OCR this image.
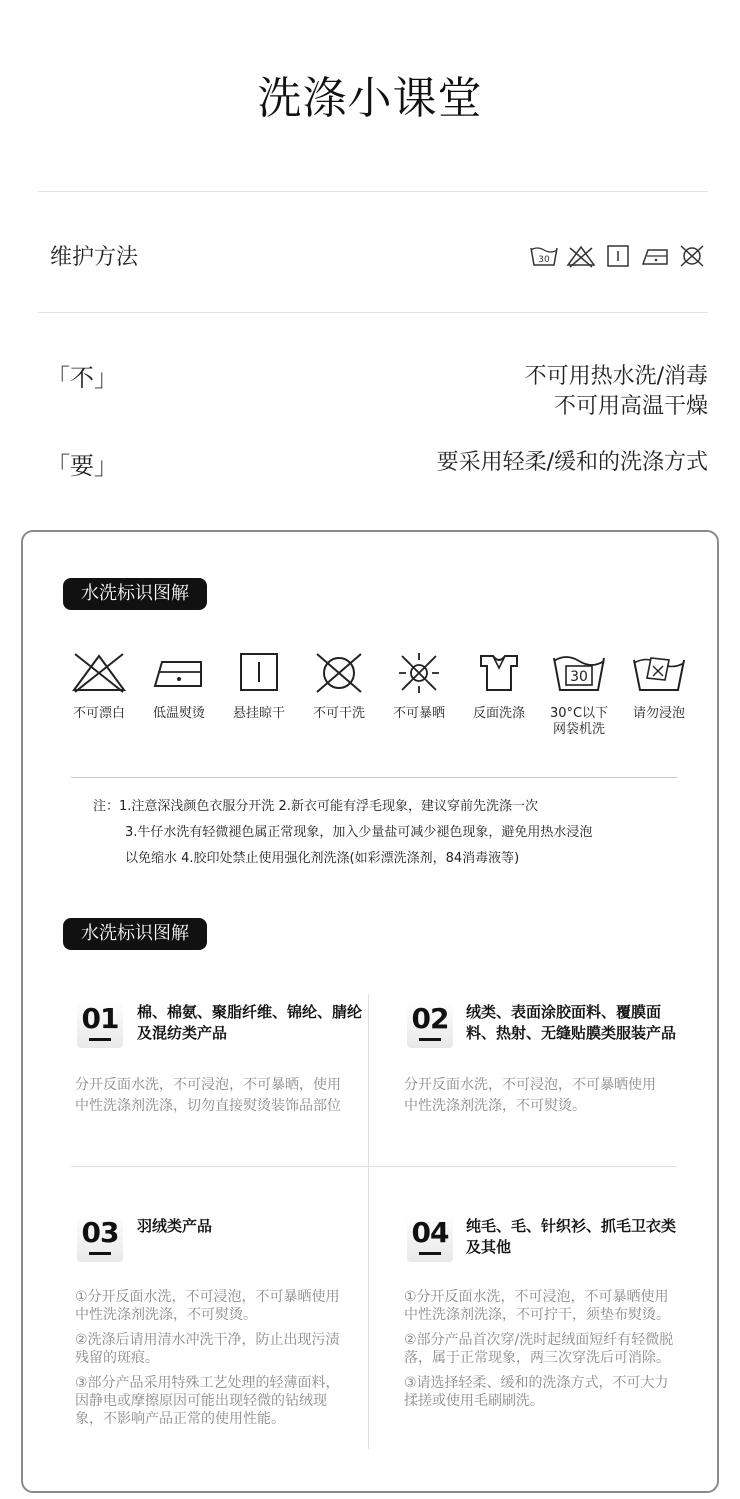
洗涤小课堂
维护方法	30
「不」	不可用热水洗/消毒
不可用高温干燥
「要」	要采用轻柔/缓和的洗涤方式
水洗标识图解
不可漂白	低温熨烫	悬挂晾干	不可干洗	不可暴晒	反面洗涤
30
30°C以下
网袋机洗
请勿浸泡
注：1.注意深浅颜色衣服分开洗 2.新衣可能有浮毛现象，建议穿前先洗涤一次
3.牛仔水洗有轻微褪色属正常现象，加入少量盐可减少褪色现象，避免用热水浸泡
以免缩水 4.胶印处禁止使用强化剂洗涤(如彩漂洗涤剂，84消毒液等)
水洗标识图解
01	棉、棉氨、聚脂纤维、锦纶、腈纶及混纺类产品

分开反面水洗，不可浸泡，不可暴晒，使用中性洗涤剂洗涤，切勿直接熨烫装饰品部位

02	绒类、表面涂胶面料、覆膜面料、热射、无缝贴膜类服装产品

分开反面水洗，不可浸泡，不可暴晒使用中性洗涤剂洗涤，不可熨烫。

03	羽绒类产品

①分开反面水洗，不可浸泡，不可暴晒使用中性洗涤剂洗涤，不可熨烫。

②洗涤后请用清水冲洗干净，防止出现污渍残留的斑痕。

③部分产品采用特殊工艺处理的轻薄面料，因静电或摩擦原因可能出现轻微的钻绒现象，不影响产品正常的使用性能。

04	纯毛、毛、针织衫、抓毛卫衣类及其他

①分开反面水洗，不可浸泡，不可暴晒使用中性洗涤剂洗涤，不可拧干，须垫布熨烫。

②部分产品首次穿/洗时起绒面短纤有轻微脱落，属于正常现象，两三次穿洗后可消除。

③请选择轻柔、缓和的洗涤方式，不可大力揉搓或使用毛刷刷洗。
